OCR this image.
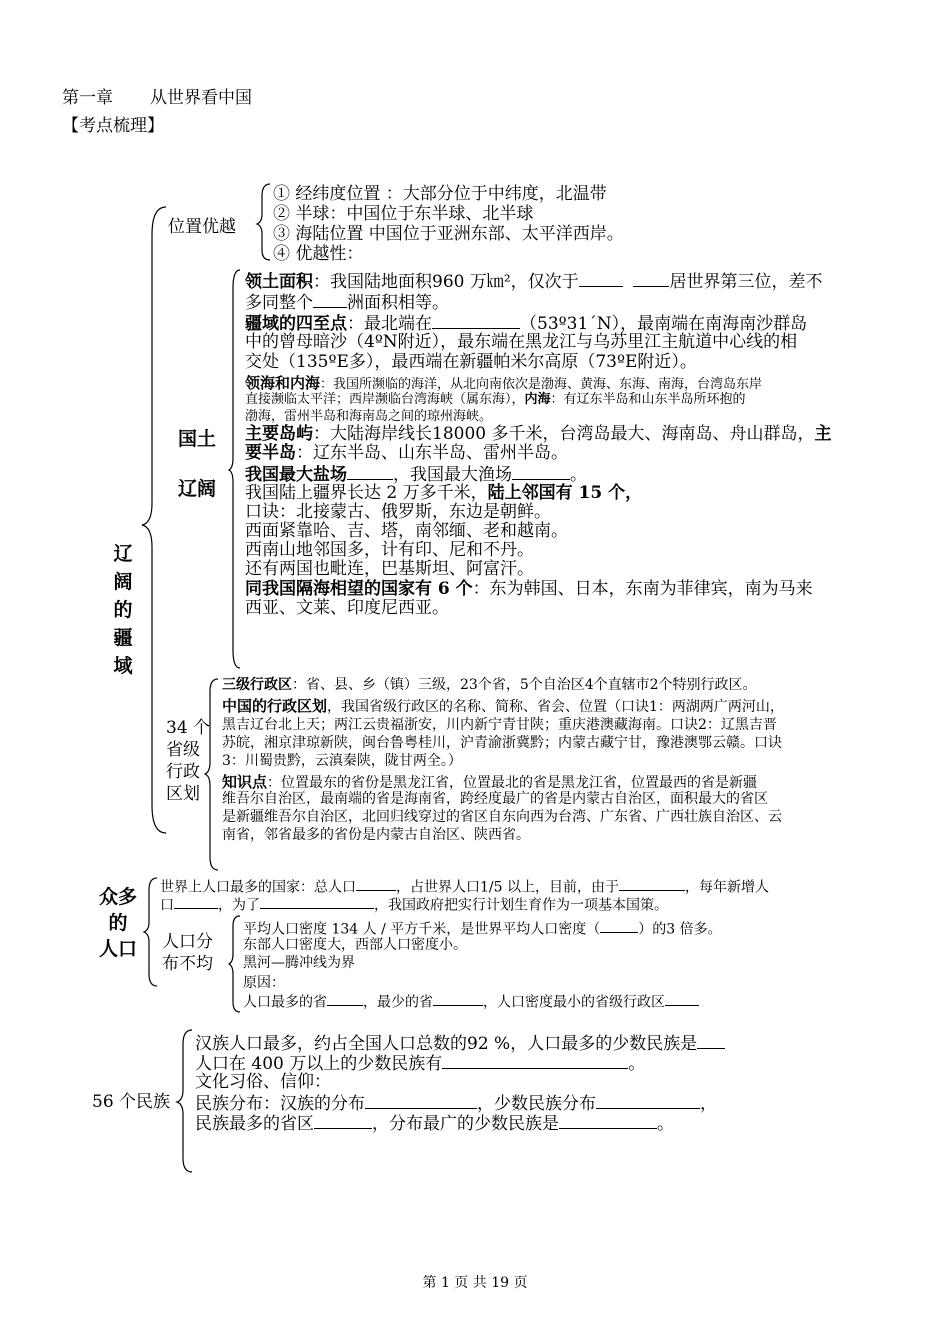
第一章 从世界看中国
【考点梳理】
辽
阔
的
疆
域
位置优越
① 经纬度位置 ：大部分位于中纬度，北温带
② 半球：中国位于东半球、北半球
③ 海陆位置 中国位于亚洲东部、太平洋西岸。
④ 优越性：
国土
辽阔
领土面积：我国陆地面积960 万㎞²，仅次于	居世界第三位，差不
多同整个 洲面积相等。
疆域的四至点：最北端在	（53º31´N），最南端在南海南沙群岛
中的曾母暗沙（4ºN附近），最东端在黑龙江与乌苏里江主航道中心线的相
交处（135ºE多），最西端在新疆帕米尔高原（73ºE附近）。
领海和内海：我国所濒临的海洋，从北向南依次是渤海、黄海、东海、南海，台湾岛东岸
直接濒临太平洋；西岸濒临台湾海峡（属东海），内海：有辽东半岛和山东半岛所环抱的
渤海，雷州半岛和海南岛之间的琼州海峡。
主要岛屿：大陆海岸线长18000 多千米，台湾岛最大、海南岛、舟山群岛，主
要半岛：辽东半岛、山东半岛、雷州半岛。
我国最大盐场	，我国最大渔场	。
我国陆上疆界长达 2 万多千米，陆上邻国有 15 个，
口诀：北接蒙古、俄罗斯，东边是朝鲜。
西面紧靠哈、吉、塔，南邻缅、老和越南。
西南山地邻国多，计有印、尼和不丹。
还有两国也毗连，巴基斯坦、阿富汗。
同我国隔海相望的国家有 6 个：东为韩国、日本，东南为菲律宾，南为马来
西亚、文莱、印度尼西亚。
34 个
省级
行政
区划
三级行政区：省、县、乡（镇）三级，23个省，5个自治区4个直辖市2个特别行政区。
中国的行政区划，我国省级行政区的名称、简称、省会、位置（口诀1：两湖两广两河山，
黑吉辽台北上天；两江云贵福浙安，川内新宁青甘陕；重庆港澳藏海南。口诀2：辽黑吉晋
苏皖，湘京津琼新陕，闽台鲁粤桂川，沪青渝浙冀黔；内蒙古藏宁甘，豫港澳鄂云赣。口诀
3：川蜀贵黔，云滇秦陕，陇甘两全。）
知识点：位置最东的省份是黑龙江省，位置最北的省是黑龙江省，位置最西的省是新疆
维吾尔自治区，最南端的省是海南省，跨经度最广的省是内蒙古自治区，面积最大的省区
是新疆维吾尔自治区，北回归线穿过的省区自东向西为台湾、广东省、广西壮族自治区、云
南省，邻省最多的省份是内蒙古自治区、陕西省。
众多
的
人口
世界上人口最多的国家：总人口	，占世界人口1/5 以上，目前，由于	，每年新增人
口	，为了	，我国政府把实行计划生育作为一项基本国策。
人口分
布不均
平均人口密度 134 人 / 平方千米，是世界平均人口密度（	）的3 倍多。
东部人口密度大，西部人口密度小。
黑河—腾冲线为界
原因：
人口最多的省	，最少的省	，人口密度最小的省级行政区
56 个民族
汉族人口最多，约占全国人口总数的92 %，人口最多的少数民族是
人口在 400 万以上的少数民族有	。
文化习俗、信仰：
民族分布：汉族的分布	，少数民族分布	，
民族最多的省区	，分布最广的少数民族是	。
第 1 页 共 19 页
